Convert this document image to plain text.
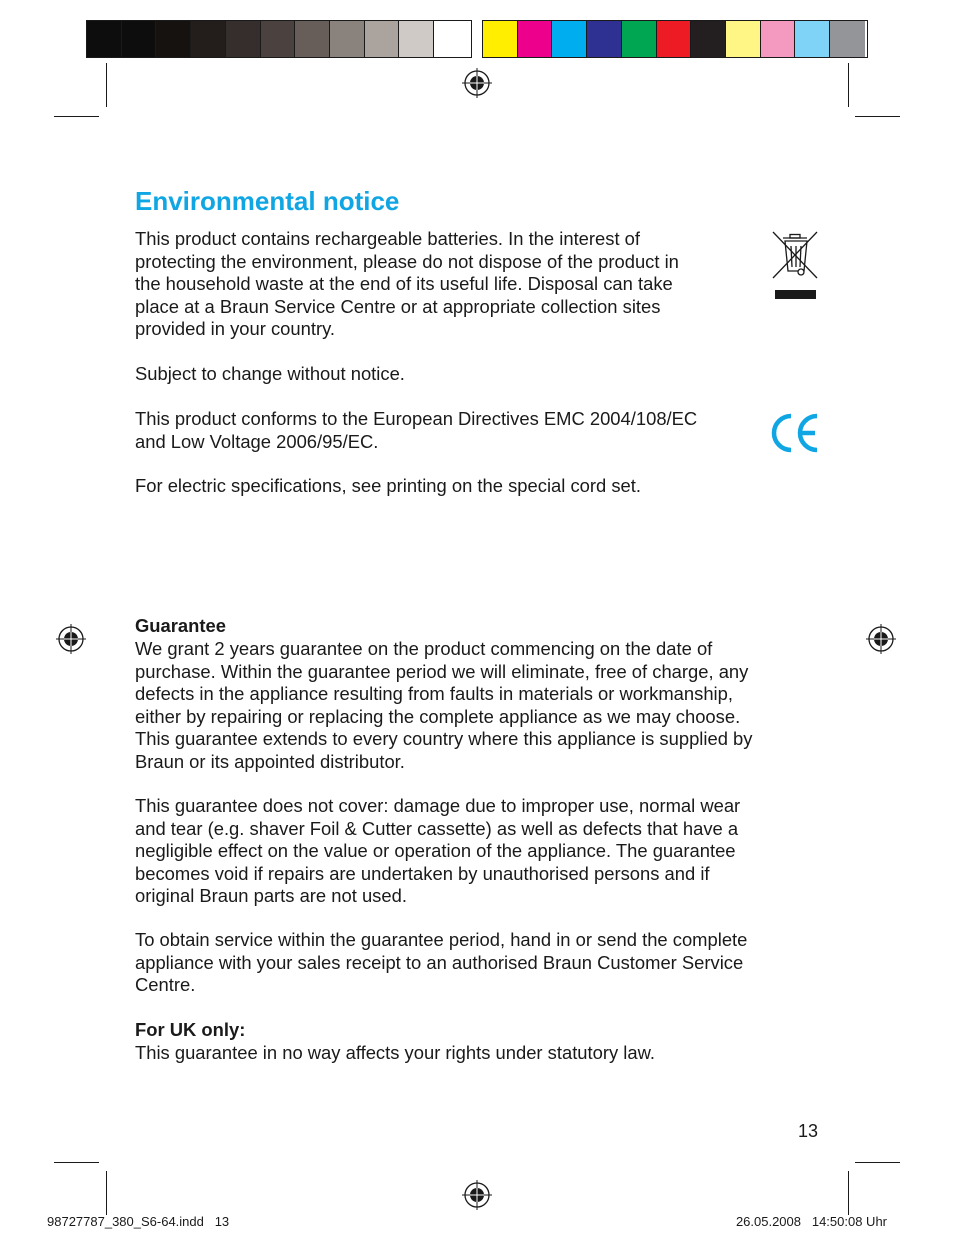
Environmental notice

This product contains rechargeable batteries. In the interest of
protecting the environment, please do not dispose of the product in
the household waste at the end of its useful life. Disposal can take
place at a Braun Service Centre or at appropriate collection sites
provided in your country.

Subject to change without notice.

This product conforms to the European Directives EMC 2004/108/EC
and Low Voltage 2006/95/EC.

For electric specifications, see printing on the special cord set.

Guarantee

We grant 2 years guarantee on the product commencing on the date of
purchase. Within the guarantee period we will eliminate, free of charge, any
defects in the appliance resulting from faults in materials or workmanship,
either by repairing or replacing the complete appliance as we may choose.
This guarantee extends to every country where this appliance is supplied by
Braun or its appointed distributor.

This guarantee does not cover: damage due to improper use, normal wear
and tear (e.g. shaver Foil & Cutter cassette) as well as defects that have a
negligible effect on the value or operation of the appliance. The guarantee
becomes void if repairs are undertaken by unauthorised persons and if
original Braun parts are not used.

To obtain service within the guarantee period, hand in or send the complete
appliance with your sales receipt to an authorised Braun Customer Service
Centre.

For UK only:
This guarantee in no way affects your rights under statutory law.

13
98727787_380_S6-64.indd   13	26.05.2008   14:50:08 Uhr
